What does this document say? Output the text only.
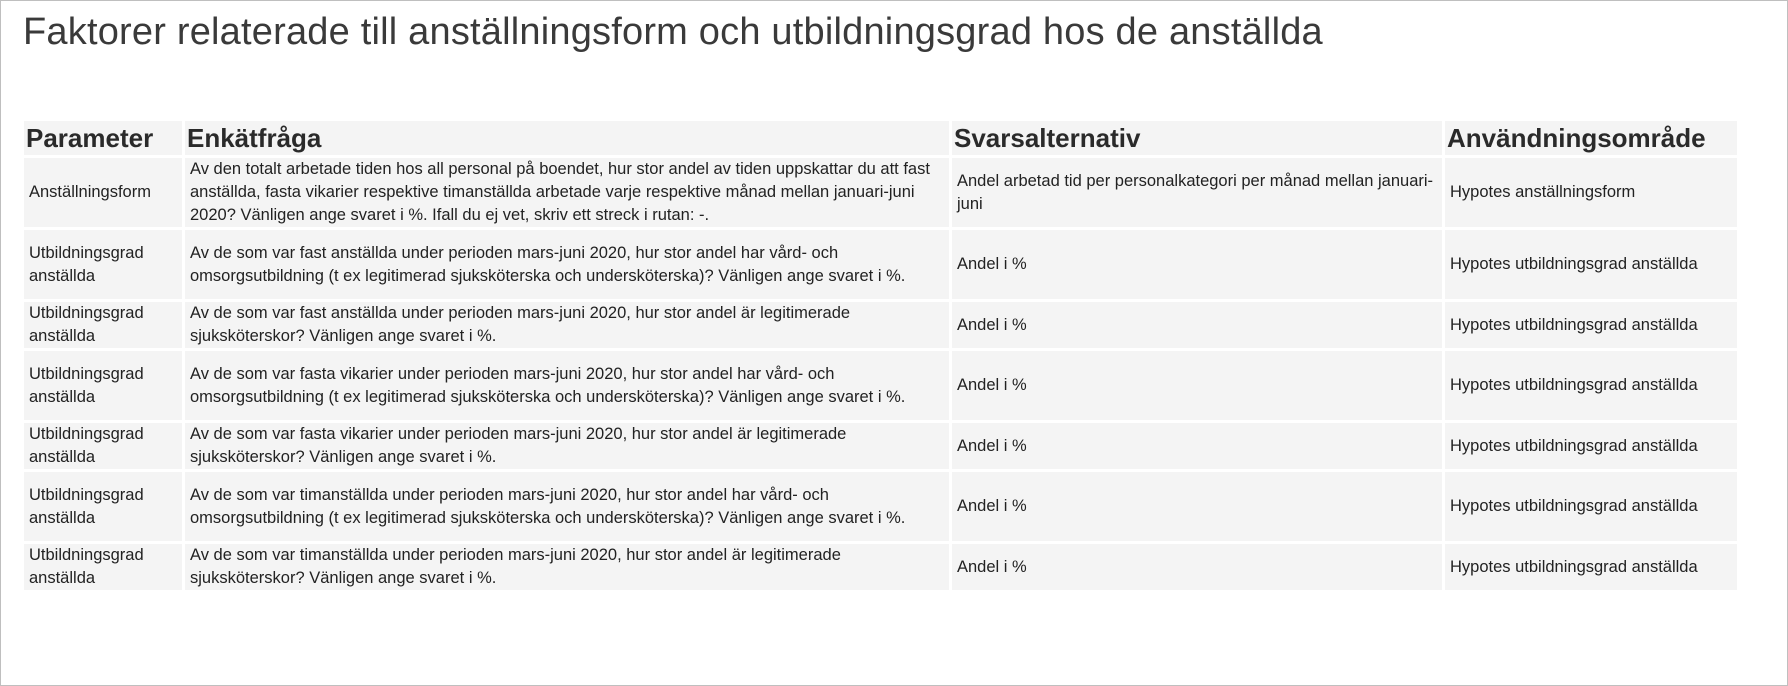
Faktorer relaterade till anställningsform och utbildningsgrad hos de anställda
Parameter	Enkätfråga	Svarsalternativ	Användningsområde
Anställningsform	Av den totalt arbetade tiden hos all personal på boendet, hur stor andel av tiden uppskattar du att fast anställda, fasta vikarier respektive timanställda arbetade varje respektive månad mellan januari-juni 2020? Vänligen ange svaret i %. Ifall du ej vet, skriv ett streck i rutan: -.	Andel arbetad tid per personalkategori per månad mellan januari-juni	Hypotes anställningsform
Utbildningsgrad anställda	Av de som var fast anställda under perioden mars-juni 2020, hur stor andel har vård- och omsorgsutbildning (t ex legitimerad sjuksköterska och undersköterska)? Vänligen ange svaret i %.	Andel i %	Hypotes utbildningsgrad anställda
Utbildningsgrad anställda	Av de som var fast anställda under perioden mars-juni 2020, hur stor andel är legitimerade sjuksköterskor? Vänligen ange svaret i %.	Andel i %	Hypotes utbildningsgrad anställda
Utbildningsgrad anställda	Av de som var fasta vikarier under perioden mars-juni 2020, hur stor andel har vård- och omsorgsutbildning (t ex legitimerad sjuksköterska och undersköterska)? Vänligen ange svaret i %.	Andel i %	Hypotes utbildningsgrad anställda
Utbildningsgrad anställda	Av de som var fasta vikarier under perioden mars-juni 2020, hur stor andel är legitimerade sjuksköterskor? Vänligen ange svaret i %.	Andel i %	Hypotes utbildningsgrad anställda
Utbildningsgrad anställda	Av de som var timanställda under perioden mars-juni 2020, hur stor andel har vård- och omsorgsutbildning (t ex legitimerad sjuksköterska och undersköterska)? Vänligen ange svaret i %.	Andel i %	Hypotes utbildningsgrad anställda
Utbildningsgrad anställda	Av de som var timanställda under perioden mars-juni 2020, hur stor andel är legitimerade sjuksköterskor? Vänligen ange svaret i %.	Andel i %	Hypotes utbildningsgrad anställda
